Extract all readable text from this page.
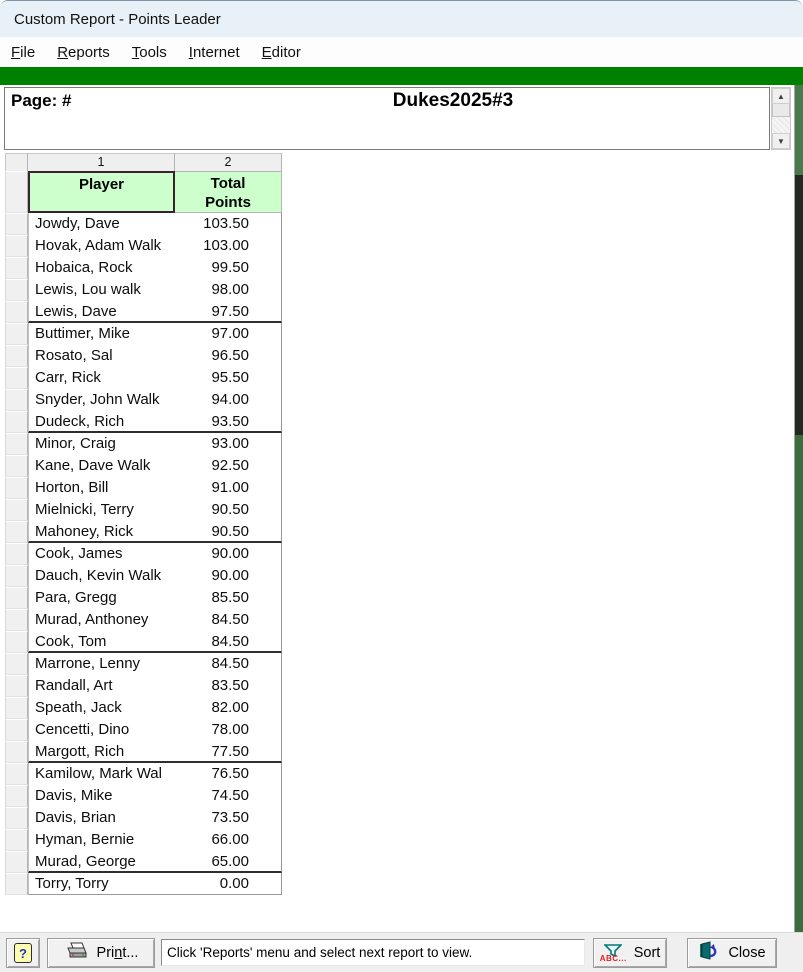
Custom Report - Points Leader
File	Reports	Tools	Internet	Editor
Page: #	Dukes2025#3	▲
▼
1	2
Player	Total
Points
Jowdy, Dave	103.50
Hovak, Adam Walk	103.00
Hobaica, Rock	99.50
Lewis, Lou walk	98.00
Lewis, Dave	97.50
Buttimer, Mike	97.00
Rosato, Sal	96.50
Carr, Rick	95.50
Snyder, John Walk	94.00
Dudeck, Rich	93.50
Minor, Craig	93.00
Kane, Dave Walk	92.50
Horton, Bill	91.00
Mielnicki, Terry	90.50
Mahoney, Rick	90.50
Cook, James	90.00
Dauch, Kevin Walk	90.00
Para, Gregg	85.50
Murad, Anthoney	84.50
Cook, Tom	84.50
Marrone, Lenny	84.50
Randall, Art	83.50
Speath, Jack	82.00
Cencetti, Dino	78.00
Margott, Rich	77.50
Kamilow, Mark Wal	76.50
Davis, Mike	74.50
Davis, Brian	73.50
Hyman, Bernie	66.00
Murad, George	65.00
Torry, Torry	0.00
?	Print...	Click 'Reports' menu and select next report to view.	ABC... Sort	Close
